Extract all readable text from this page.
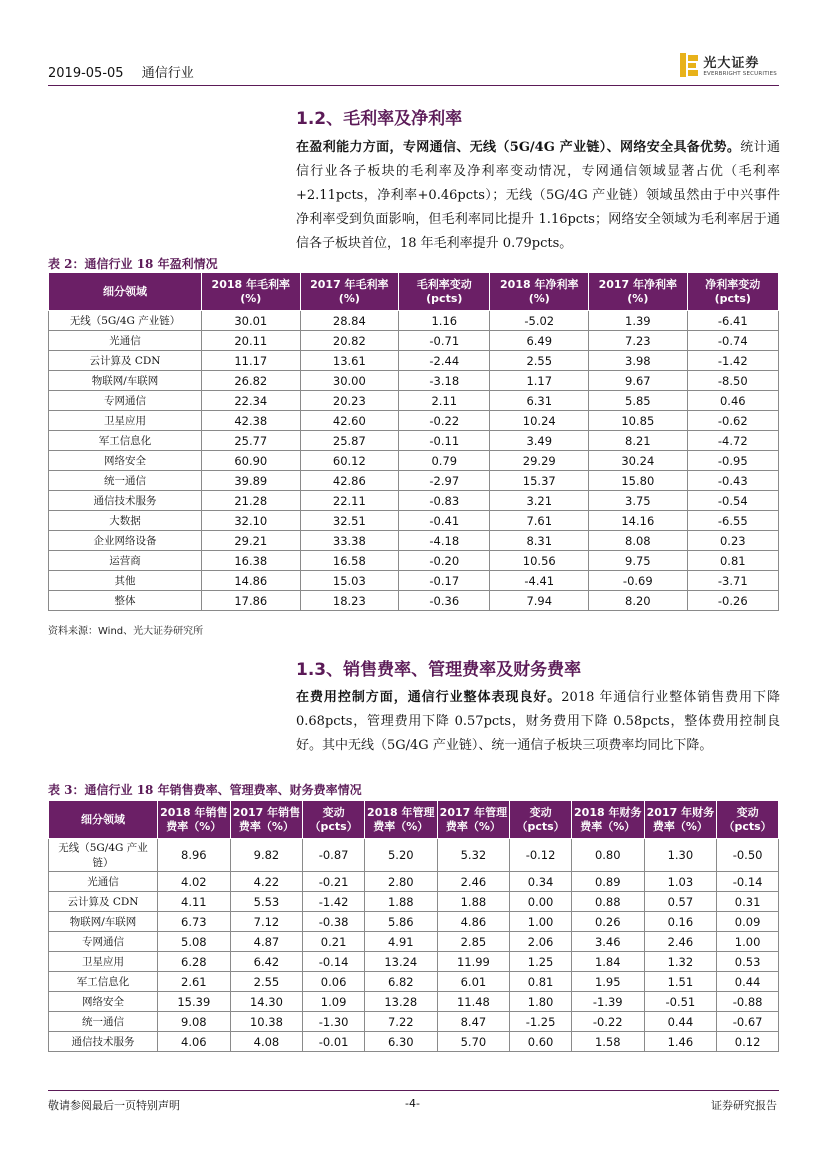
2019-05-05 通信行业
光大证券
EVERBRIGHT SECURITIES
1.2、毛利率及净利率
在盈利能力方面，专网通信、无线（5G/4G 产业链）、网络安全具备优势。统计通信行业各子板块的毛利率及净利率变动情况，专网通信领域显著占优（毛利率+2.11pcts，净利率+0.46pcts）；无线（5G/4G 产业链）领域虽然由于中兴事件净利率受到负面影响，但毛利率同比提升 1.16pcts；网络安全领域为毛利率居于通信各子板块首位，18 年毛利率提升 0.79pcts。
表 2：通信行业 18 年盈利情况
细分领域	2018 年毛利率(%)	2017 年毛利率(%)	毛利率变动(pcts)	2018 年净利率(%)	2017 年净利率(%)	净利率变动(pcts)
无线（5G/4G 产业链）	30.01	28.84	1.16	-5.02	1.39	-6.41
光通信	20.11	20.82	-0.71	6.49	7.23	-0.74
云计算及 CDN	11.17	13.61	-2.44	2.55	3.98	-1.42
物联网/车联网	26.82	30.00	-3.18	1.17	9.67	-8.50
专网通信	22.34	20.23	2.11	6.31	5.85	0.46
卫星应用	42.38	42.60	-0.22	10.24	10.85	-0.62
军工信息化	25.77	25.87	-0.11	3.49	8.21	-4.72
网络安全	60.90	60.12	0.79	29.29	30.24	-0.95
统一通信	39.89	42.86	-2.97	15.37	15.80	-0.43
通信技术服务	21.28	22.11	-0.83	3.21	3.75	-0.54
大数据	32.10	32.51	-0.41	7.61	14.16	-6.55
企业网络设备	29.21	33.38	-4.18	8.31	8.08	0.23
运营商	16.38	16.58	-0.20	10.56	9.75	0.81
其他	14.86	15.03	-0.17	-4.41	-0.69	-3.71
整体	17.86	18.23	-0.36	7.94	8.20	-0.26
资料来源：Wind、光大证券研究所
1.3、销售费率、管理费率及财务费率
在费用控制方面，通信行业整体表现良好。2018 年通信行业整体销售费用下降 0.68pcts，管理费用下降 0.57pcts，财务费用下降 0.58pcts，整体费用控制良好。其中无线（5G/4G 产业链）、统一通信子板块三项费率均同比下降。
表 3：通信行业 18 年销售费率、管理费率、财务费率情况
细分领域	2018 年销售费率（%）	2017 年销售费率（%）	变动（pcts）	2018 年管理费率（%）	2017 年管理费率（%）	变动（pcts）	2018 年财务费率（%）	2017 年财务费率（%）	变动（pcts）
无线（5G/4G 产业链）	8.96	9.82	-0.87	5.20	5.32	-0.12	0.80	1.30	-0.50
光通信	4.02	4.22	-0.21	2.80	2.46	0.34	0.89	1.03	-0.14
云计算及 CDN	4.11	5.53	-1.42	1.88	1.88	0.00	0.88	0.57	0.31
物联网/车联网	6.73	7.12	-0.38	5.86	4.86	1.00	0.26	0.16	0.09
专网通信	5.08	4.87	0.21	4.91	2.85	2.06	3.46	2.46	1.00
卫星应用	6.28	6.42	-0.14	13.24	11.99	1.25	1.84	1.32	0.53
军工信息化	2.61	2.55	0.06	6.82	6.01	0.81	1.95	1.51	0.44
网络安全	15.39	14.30	1.09	13.28	11.48	1.80	-1.39	-0.51	-0.88
统一通信	9.08	10.38	-1.30	7.22	8.47	-1.25	-0.22	0.44	-0.67
通信技术服务	4.06	4.08	-0.01	6.30	5.70	0.60	1.58	1.46	0.12
敬请参阅最后一页特别声明	-4-	证券研究报告
